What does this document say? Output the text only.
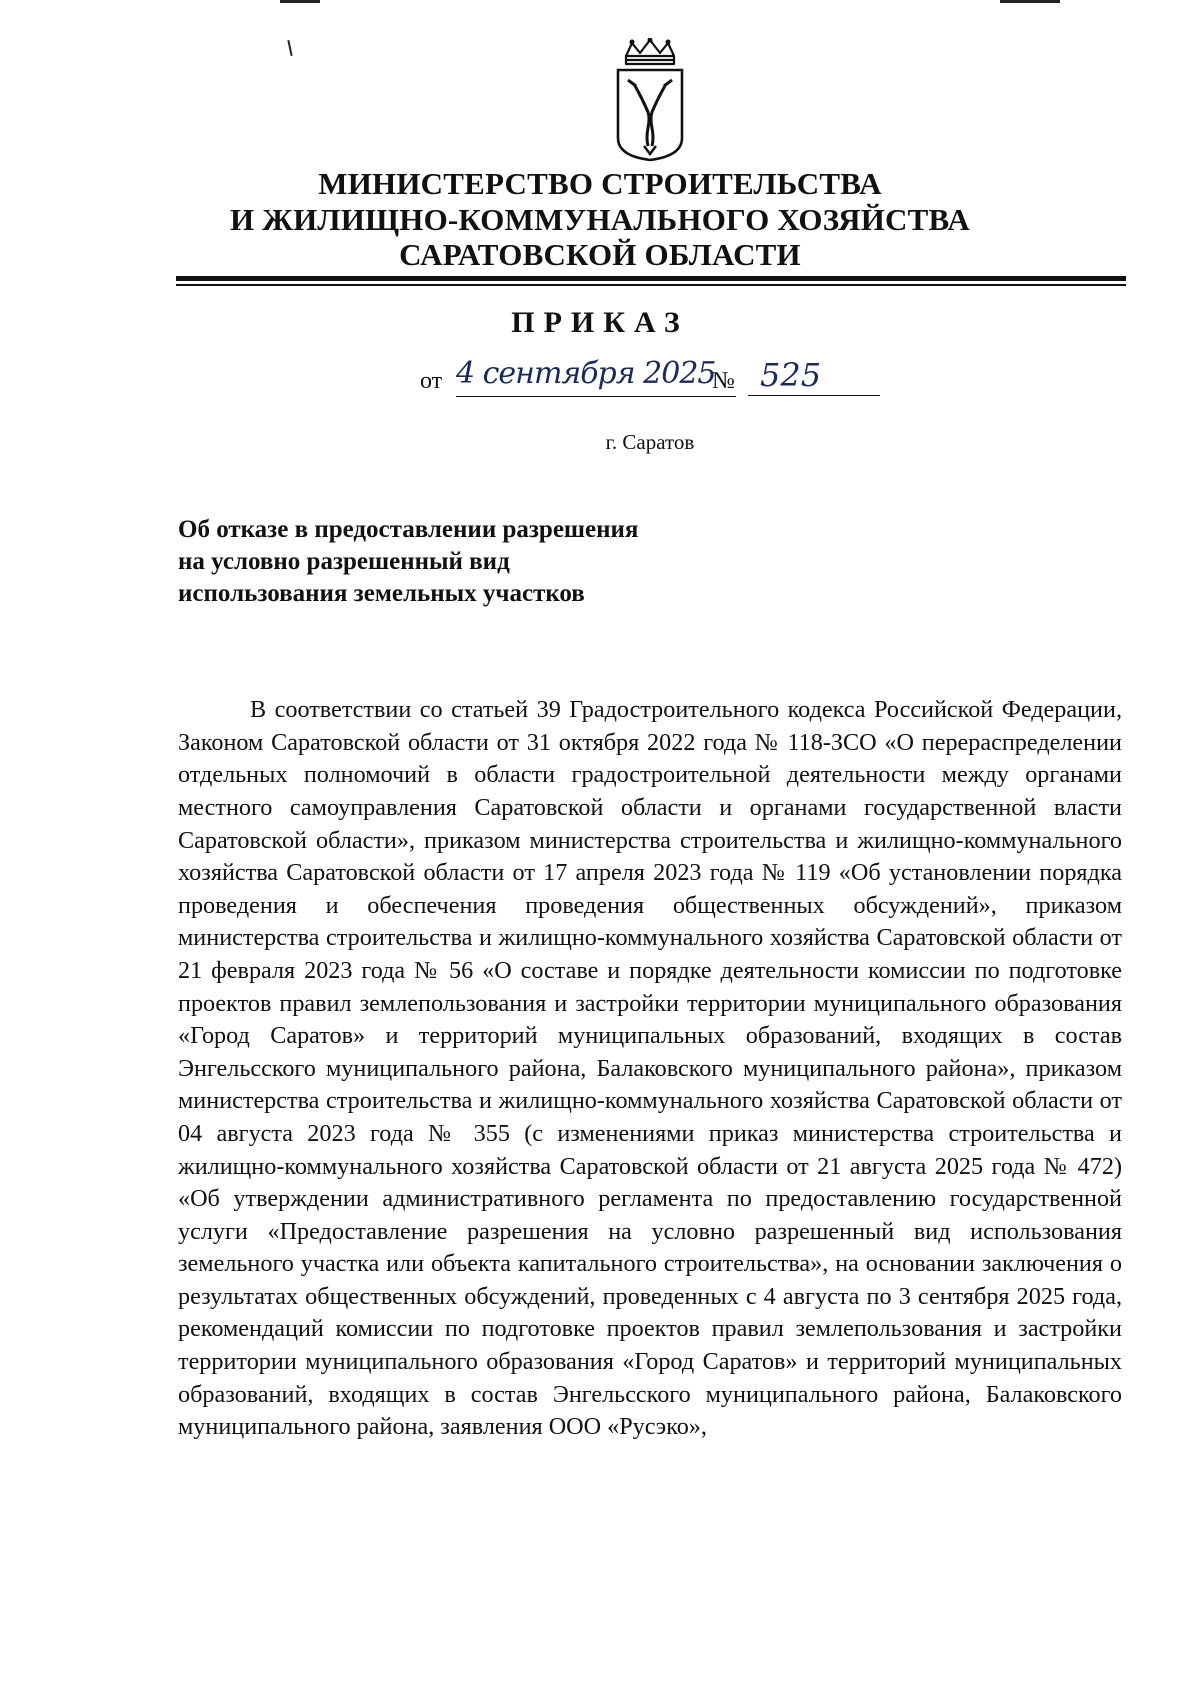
МИНИСТЕРСТВО СТРОИТЕЛЬСТВА
И ЖИЛИЩНО-КОММУНАЛЬНОГО ХОЗЯЙСТВА
САРАТОВСКОЙ ОБЛАСТИ
ПРИКАЗ
от 4 сентября 2025
№ 525
г. Саратов
Об отказе в предоставлении разрешения
на условно разрешенный вид
использования земельных участков

В соответствии со статьей 39 Градостроительного кодекса Российской Федерации, Законом Саратовской области от 31 октября 2022 года № 118-ЗСО «О перераспределении отдельных полномочий в области градостроительной деятельности между органами местного самоуправления Саратовской области и органами государственной власти Саратовской области», приказом министерства строительства и жилищно-коммунального хозяйства Саратовской области от 17 апреля 2023 года № 119 «Об установлении порядка проведения и обеспечения проведения общественных обсуждений», приказом министерства строительства и жилищно-коммунального хозяйства Саратовской области от 21 февраля 2023 года № 56 «О составе и порядке деятельности комиссии по подготовке проектов правил землепользования и застройки территории муниципального образования «Город Саратов» и территорий муниципальных образований, входящих в состав Энгельсского муниципального района, Балаковского муниципального района», приказом министерства строительства и жилищно-коммунального хозяйства Саратовской области от 04 августа 2023 года № 355 (с изменениями приказ министерства строительства и жилищно-коммунального хозяйства Саратовской области от 21 августа 2025 года № 472) «Об утверждении административного регламента по предоставлению государственной услуги «Предоставление разрешения на условно разрешенный вид использования земельного участка или объекта капитального строительства», на основании заключения о результатах общественных обсуждений, проведенных с 4 августа по 3 сентября 2025 года, рекомендаций комиссии по подготовке проектов правил землепользования и застройки территории муниципального образования «Город Саратов» и территорий муниципальных образований, входящих в состав Энгельсского муниципального района, Балаковского муниципального района, заявления ООО «Русэко»,
